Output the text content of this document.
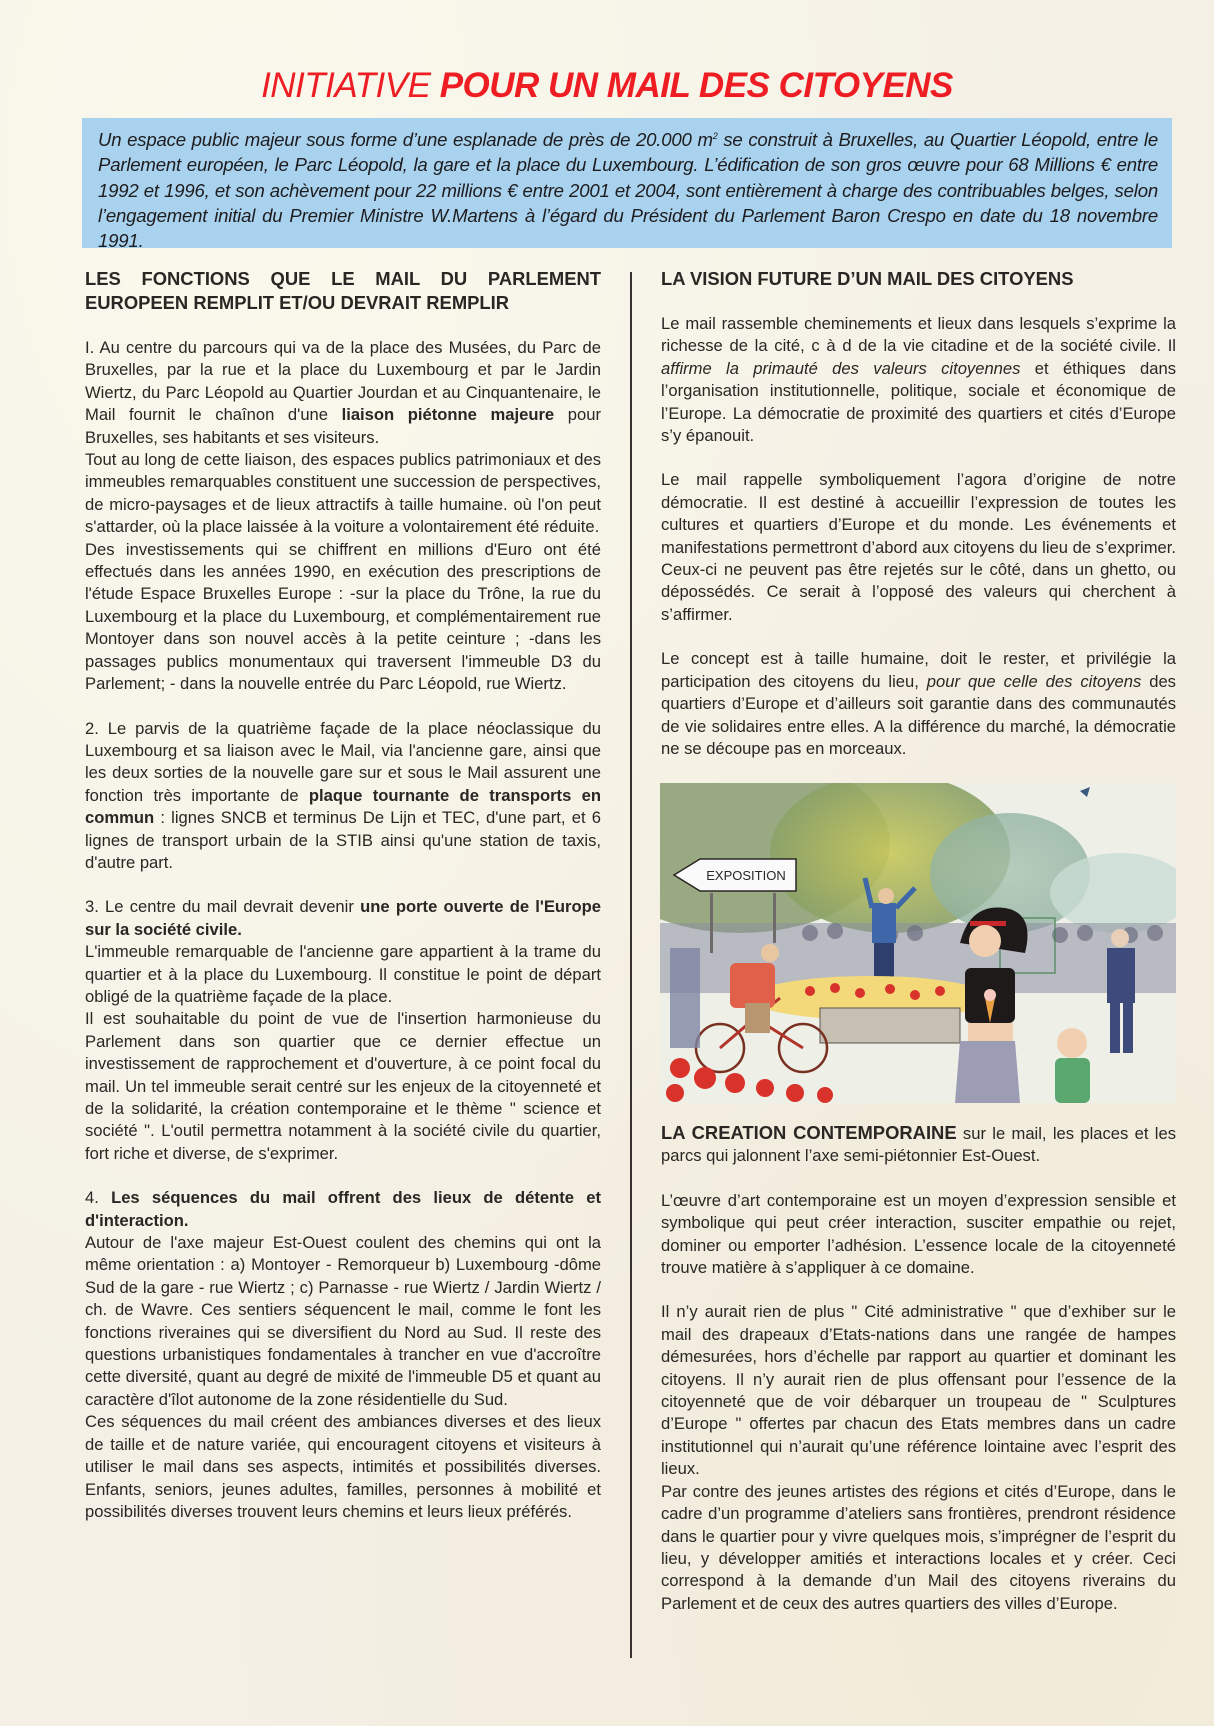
INITIATIVE POUR UN MAIL DES CITOYENS
Un espace public majeur sous forme d’une esplanade de près de 20.000 $m^2$ se construit à Bruxelles, au Quartier Léopold, entre le Parlement européen, le Parc Léopold, la gare et la place du Luxembourg. L’édification de son gros œuvre pour 68 Millions € entre 1992 et 1996, et son achèvement pour 22 millions € entre 2001 et 2004, sont entièrement à charge des contribuables belges, selon l’engagement initial du Premier Ministre W.Martens à l’égard du Président du Parlement Baron Crespo en date du 18 novembre 1991.
LES FONCTIONS QUE LE MAIL DU PARLEMENT EUROPEEN REMPLIT ET/OU DEVRAIT REMPLIR

I. Au centre du parcours qui va de la place des Musées, du Parc de Bruxelles, par la rue et la place du Luxembourg et par le Jardin Wiertz, du Parc Léopold au Quartier Jourdan et au Cinquantenaire, le Mail fournit le chaînon d'une liaison piétonne majeure pour Bruxelles, ses habitants et ses visiteurs.

Tout au long de cette liaison, des espaces publics patrimoniaux et des immeubles remarquables constituent une succession de perspectives, de micro-paysages et de lieux attractifs à taille humaine. où l'on peut s'attarder, où la place laissée à la voiture a volontairement été réduite.

Des investissements qui se chiffrent en millions d'Euro ont été effectués dans les années 1990, en exécution des prescriptions de l'étude Espace Bruxelles Europe : -sur la place du Trône, la rue du Luxembourg et la place du Luxembourg, et complémentairement rue Montoyer dans son nouvel accès à la petite ceinture ; -dans les passages publics monumentaux qui traversent l'immeuble D3 du Parlement; - dans la nouvelle entrée du Parc Léopold, rue Wiertz.

2. Le parvis de la quatrième façade de la place néoclassique du Luxembourg et sa liaison avec le Mail, via l'ancienne gare, ainsi que les deux sorties de la nouvelle gare sur et sous le Mail assurent une fonction très importante de plaque tournante de transports en commun : lignes SNCB et terminus De Lijn et TEC, d'une part, et 6 lignes de transport urbain de la STIB ainsi qu'une station de taxis, d'autre part.

3. Le centre du mail devrait devenir une porte ouverte de l'Europe sur la société civile.

L'immeuble remarquable de l'ancienne gare appartient à la trame du quartier et à la place du Luxembourg. Il constitue le point de départ obligé de la quatrième façade de la place.

Il est souhaitable du point de vue de l'insertion harmonieuse du Parlement dans son quartier que ce dernier effectue un investissement de rapprochement et d'ouverture, à ce point focal du mail. Un tel immeuble serait centré sur les enjeux de la citoyenneté et de la solidarité, la création contemporaine et le thème " science et société ". L'outil permettra notamment à la société civile du quartier, fort riche et diverse, de s'exprimer.

4. Les séquences du mail offrent des lieux de détente et d'interaction.

Autour de l'axe majeur Est-Ouest coulent des chemins qui ont la même orientation : a) Montoyer - Remorqueur b) Luxembourg -dôme Sud de la gare - rue Wiertz ; c) Parnasse - rue Wiertz / Jardin Wiertz / ch. de Wavre. Ces sentiers séquencent le mail, comme le font les fonctions riveraines qui se diversifient du Nord au Sud. Il reste des questions urbanistiques fondamentales à trancher en vue d'accroître cette diversité, quant au degré de mixité de l'immeuble D5 et quant au caractère d'îlot autonome de la zone résidentielle du Sud.

Ces séquences du mail créent des ambiances diverses et des lieux de taille et de nature variée, qui encouragent citoyens et visiteurs à utiliser le mail dans ses aspects, intimités et possibilités diverses. Enfants, seniors, jeunes adultes, familles, personnes à mobilité et possibilités diverses trouvent leurs chemins et leurs lieux préférés.

LA VISION FUTURE D’UN MAIL DES CITOYENS

Le mail rassemble cheminements et lieux dans lesquels s’exprime la richesse de la cité, c à d de la vie citadine et de la société civile. Il affirme la primauté des valeurs citoyennes et éthiques dans l’organisation institutionnelle, politique, sociale et économique de l’Europe. La démocratie de proximité des quartiers et cités d’Europe s’y épanouit.

Le mail rappelle symboliquement l’agora d’origine de notre démocratie. Il est destiné à accueillir l’expression de toutes les cultures et quartiers d’Europe et du monde. Les événements et manifestations permettront d’abord aux citoyens du lieu de s’exprimer. Ceux-ci ne peuvent pas être rejetés sur le côté, dans un ghetto, ou dépossédés. Ce serait à l’opposé des valeurs qui cherchent à s’affirmer.

Le concept est à taille humaine, doit le rester, et privilégie la participation des citoyens du lieu, pour que celle des citoyens des quartiers d’Europe et d’ailleurs soit garantie dans des communautés de vie solidaires entre elles. A la différence du marché, la démocratie ne se découpe pas en morceaux.

EXPOSITION

LA CREATION CONTEMPORAINE sur le mail, les places et les parcs qui jalonnent l’axe semi-piétonnier Est-Ouest.

L’œuvre d’art contemporaine est un moyen d’expression sensible et symbolique qui peut créer interaction, susciter empathie ou rejet, dominer ou emporter l’adhésion. L’essence locale de la citoyenneté trouve matière à s’appliquer à ce domaine.

Il n’y aurait rien de plus " Cité administrative " que d’exhiber sur le mail des drapeaux d’Etats-nations dans une rangée de hampes démesurées, hors d’échelle par rapport au quartier et dominant les citoyens. Il n’y aurait rien de plus offensant pour l’essence de la citoyenneté que de voir débarquer un troupeau de " Sculptures d’Europe " offertes par chacun des Etats membres dans un cadre institutionnel qui n’aurait qu’une référence lointaine avec l’esprit des lieux.

Par contre des jeunes artistes des régions et cités d’Europe, dans le cadre d’un programme d’ateliers sans frontières, prendront résidence dans le quartier pour y vivre quelques mois, s’imprégner de l’esprit du lieu, y développer amitiés et interactions locales et y créer. Ceci correspond à la demande d’un Mail des citoyens riverains du Parlement et de ceux des autres quartiers des villes d’Europe.
